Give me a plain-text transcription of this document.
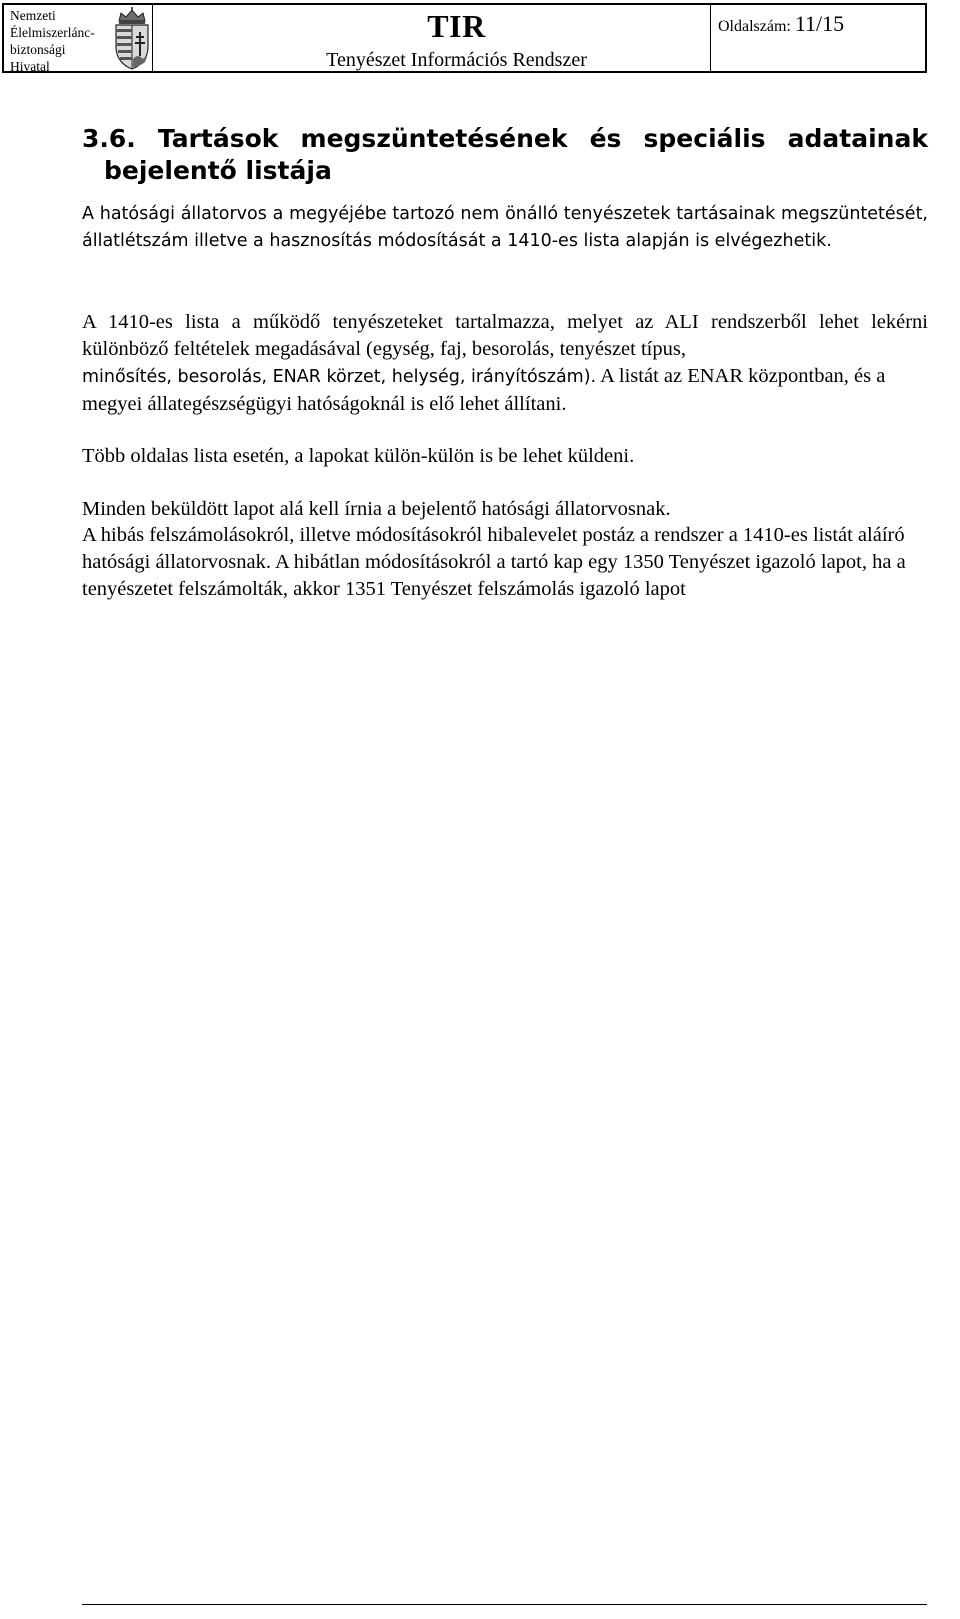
Nemzeti
Élelmiszerlánc-
biztonsági
Hivatal
TIR
Tenyészet Információs Rendszer
Oldalszám: 11/15
3.6. Tartások megszüntetésének és speciális adatainak
bejelentő listája

A hatósági állatorvos a megyéjébe tartozó nem önálló tenyészetek tartásainak megszüntetését, állatlétszám illetve a hasznosítás módosítását a 1410-es lista alapján is elvégezhetik.

A 1410-es lista a működő tenyészeteket tartalmazza, melyet az ALI rendszerből lehet lekérni különböző feltételek megadásával (egység, faj, besorolás, tenyészet típus,
minősítés, besorolás, ENAR körzet, helység, irányítószám). A listát az ENAR központban, és a megyei állategészségügyi hatóságoknál is elő lehet állítani.

Több oldalas lista esetén, a lapokat külön-külön is be lehet küldeni.

Minden beküldött lapot alá kell írnia a bejelentő hatósági állatorvosnak.

A hibás felszámolásokról, illetve módosításokról hibalevelet postáz a rendszer a 1410-es listát aláíró hatósági állatorvosnak. A hibátlan módosításokról a tartó kap egy 1350 Tenyészet igazoló lapot, ha a tenyészetet felszámolták, akkor 1351 Tenyészet felszámolás igazoló lapot
